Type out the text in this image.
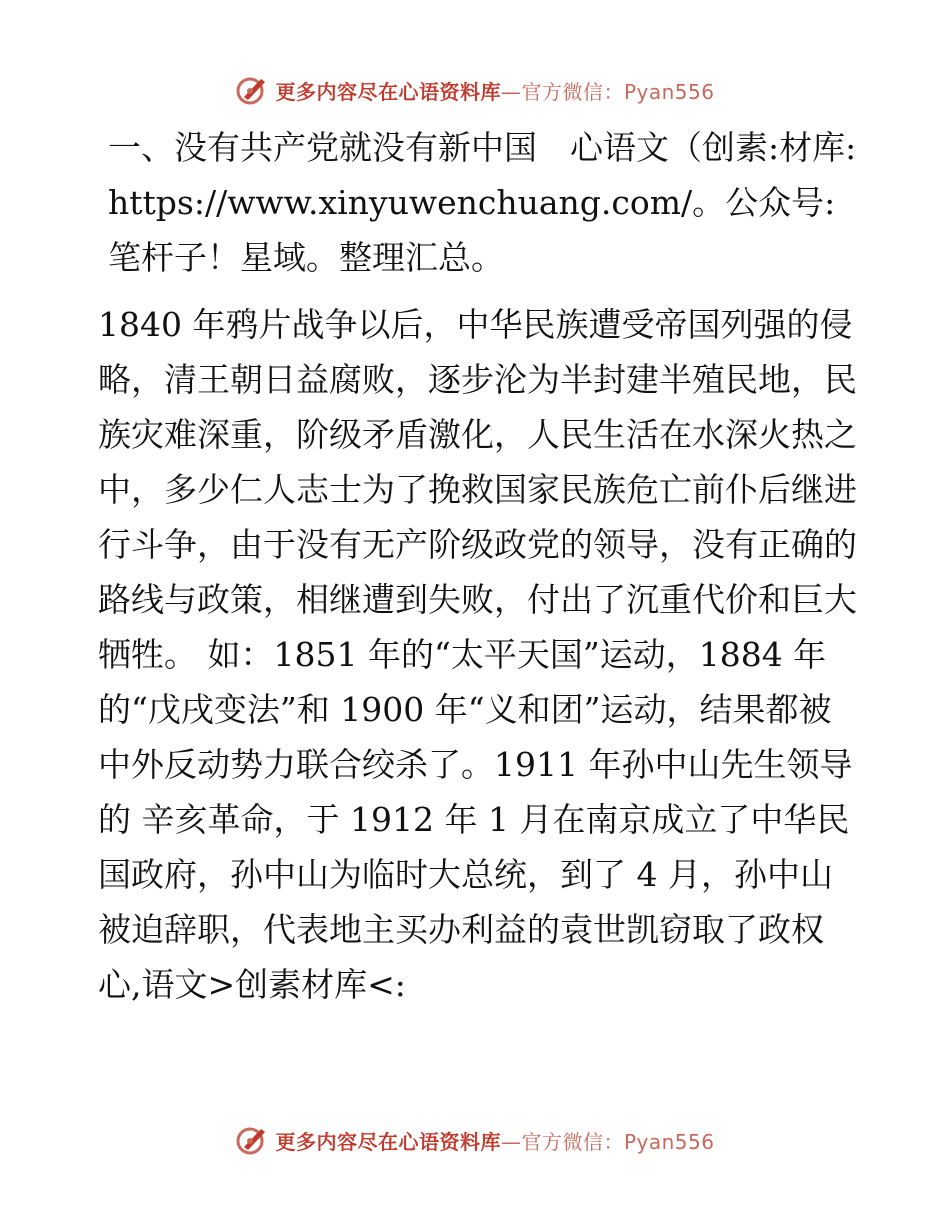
更多内容尽在心语资料库—官方微信：Pyan556

一、没有共产党就没有新中国　心语文（创素:材库: https://www.xinyuwenchuang.com/。公众号: 笔杆子！星域。整理汇总。

1840 年鸦片战争以后，中华民族遭受帝国列强的侵略，清王朝日益腐败，逐步沦为半封建半殖民地，民族灾难深重，阶级矛盾激化，人民生活在水深火热之 中，多少仁人志士为了挽救国家民族危亡前仆后继进行斗争，由于没有无产阶级政党的领导，没有正确的路线与政策，相继遭到失败，付出了沉重代价和巨大牺牲。 如：1851 年的“太平天国”运动，1884 年的“戊戌变法”和 1900 年“义和团”运动，结果都被中外反动势力联合绞杀了。1911 年孙中山先生领导的 辛亥革命，于 1912 年 1 月在南京成立了中华民国政府，孙中山为临时大总统，到了 4 月，孙中山被迫辞职，代表地主买办利益的袁世凯窃取了政权心,语文>创素材库<:

更多内容尽在心语资料库—官方微信：Pyan556
